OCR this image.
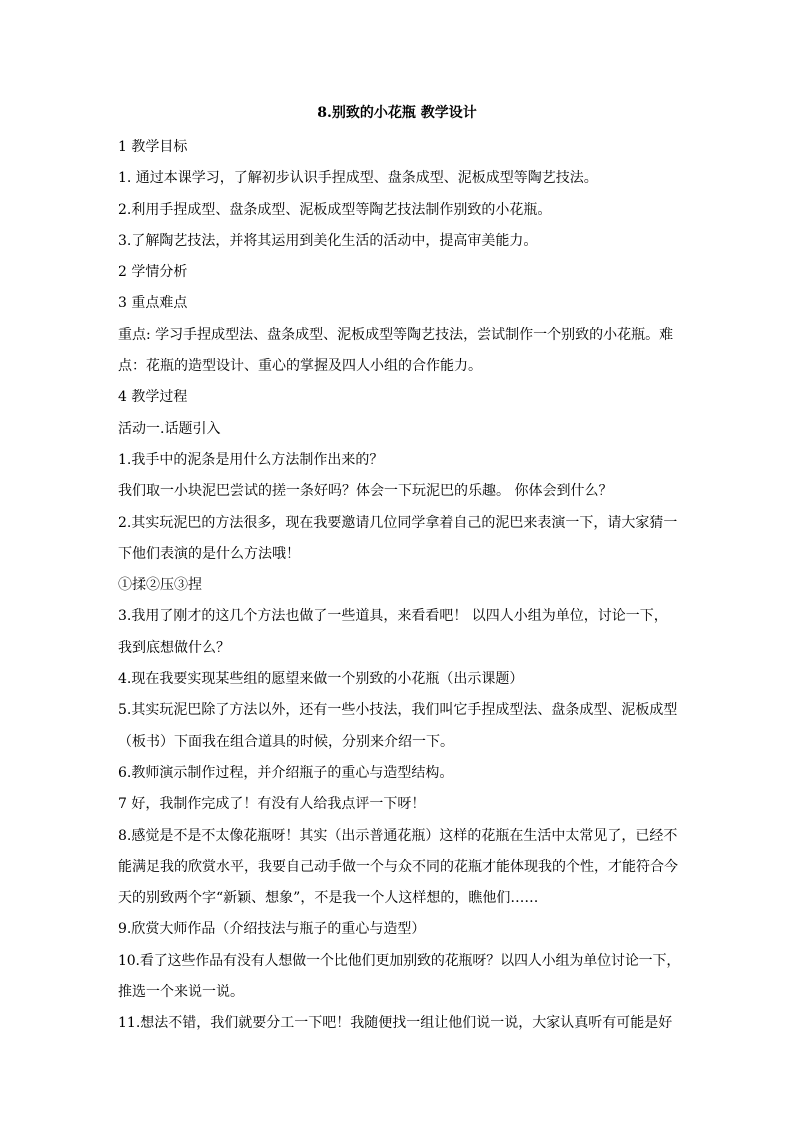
8.别致的小花瓶 教学设计
1 教学目标
1. 通过本课学习，了解初步认识手捏成型、盘条成型、泥板成型等陶艺技法。
2.利用手捏成型、盘条成型、泥板成型等陶艺技法制作别致的小花瓶。
3.了解陶艺技法，并将其运用到美化生活的活动中，提高审美能力。
2 学情分析
3 重点难点
重点: 学习手捏成型法、盘条成型、泥板成型等陶艺技法，尝试制作一个别致的小花瓶。难
点：花瓶的造型设计、重心的掌握及四人小组的合作能力。
4 教学过程
活动一.话题引入
1.我手中的泥条是用什么方法制作出来的？
我们取一小块泥巴尝试的搓一条好吗？体会一下玩泥巴的乐趣。 你体会到什么？
2.其实玩泥巴的方法很多，现在我要邀请几位同学拿着自己的泥巴来表演一下，请大家猜一
下他们表演的是什么方法哦！
①揉②压③捏
3.我用了刚才的这几个方法也做了一些道具，来看看吧！ 以四人小组为单位，讨论一下，
我到底想做什么？
4.现在我要实现某些组的愿望来做一个别致的小花瓶（出示课题）
5.其实玩泥巴除了方法以外，还有一些小技法，我们叫它手捏成型法、盘条成型、泥板成型
（板书）下面我在组合道具的时候，分别来介绍一下。
6.教师演示制作过程，并介绍瓶子的重心与造型结构。
7 好，我制作完成了！有没有人给我点评一下呀！
8.感觉是不是不太像花瓶呀！其实（出示普通花瓶）这样的花瓶在生活中太常见了，已经不
能满足我的欣赏水平，我要自己动手做一个与众不同的花瓶才能体现我的个性，才能符合今
天的别致两个字“新颖、想象”，不是我一个人这样想的，瞧他们……
9.欣赏大师作品（介绍技法与瓶子的重心与造型）
10.看了这些作品有没有人想做一个比他们更加别致的花瓶呀？以四人小组为单位讨论一下，
推选一个来说一说。
11.想法不错，我们就要分工一下吧！我随便找一组让他们说一说，大家认真听有可能是好
